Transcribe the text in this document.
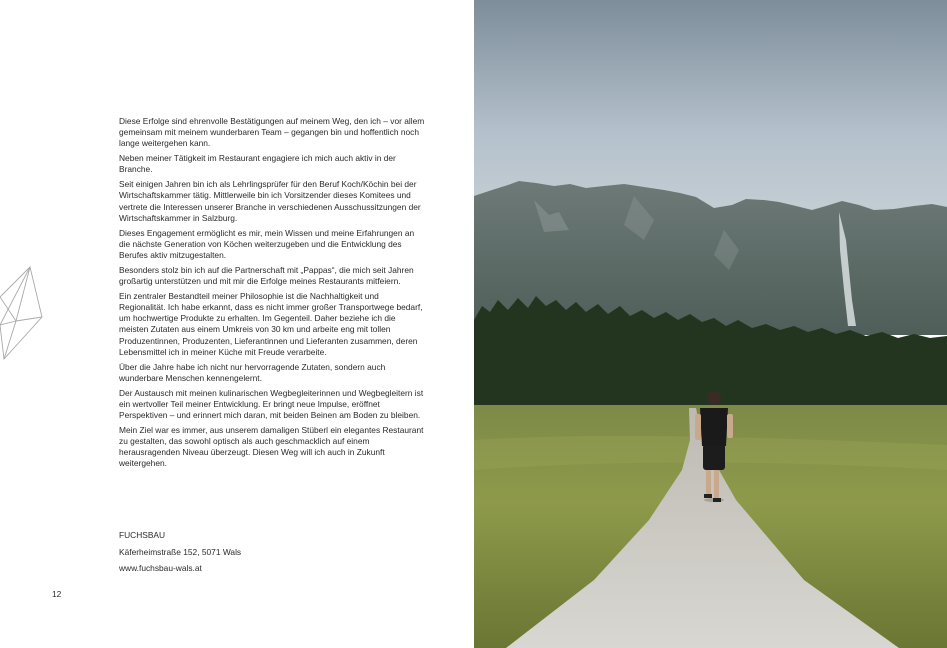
Diese Erfolge sind ehrenvolle Bestätigungen auf meinem Weg, den ich – vor allem gemeinsam mit meinem wunderbaren Team – gegangen bin und hoffentlich noch lange weitergehen kann.

Neben meiner Tätigkeit im Restaurant engagiere ich mich auch aktiv in der Branche.

Seit einigen Jahren bin ich als Lehrlingsprüfer für den Beruf Koch/Köchin bei der Wirtschaftskammer tätig. Mittlerweile bin ich Vorsitzender dieses Komitees und vertrete die Interessen unserer Branche in verschiedenen Ausschussitzungen der Wirtschaftskammer in Salzburg.

Dieses Engagement ermöglicht es mir, mein Wissen und meine Erfahrungen an die nächste Generation von Köchen weiterzugeben und die Entwicklung des Berufes aktiv mitzugestalten.

Besonders stolz bin ich auf die Partnerschaft mit „Pappas“, die mich seit Jahren großartig unterstützen und mit mir die Erfolge meines Restaurants mitfeiern.

Ein zentraler Bestandteil meiner Philosophie ist die Nachhaltigkeit und Regionalität. Ich habe erkannt, dass es nicht immer großer Transportwege bedarf, um hochwertige Produkte zu erhalten. Im Gegenteil. Daher beziehe ich die meisten Zutaten aus einem Umkreis von 30 km und arbeite eng mit tollen Produzentinnen, Produzenten, Lieferantinnen und Lieferanten zusammen, deren Lebensmittel ich in meiner Küche mit Freude verarbeite.

Über die Jahre habe ich nicht nur hervorragende Zutaten, sondern auch wunderbare Menschen kennengelernt.

Der Austausch mit meinen kulinarischen Wegbegleiterinnen und Wegbegleitern ist ein wertvoller Teil meiner Entwicklung. Er bringt neue Impulse, eröffnet Perspektiven – und erinnert mich daran, mit beiden Beinen am Boden zu bleiben.

Mein Ziel war es immer, aus unserem damaligen Stüberl ein elegantes Restaurant zu gestalten, das sowohl optisch als auch geschmacklich auf einem herausragenden Niveau überzeugt. Diesen Weg will ich auch in Zukunft weitergehen.

FUCHSBAU
Käferheimstraße 152, 5071 Wals
www.fuchsbau-wals.at
12
